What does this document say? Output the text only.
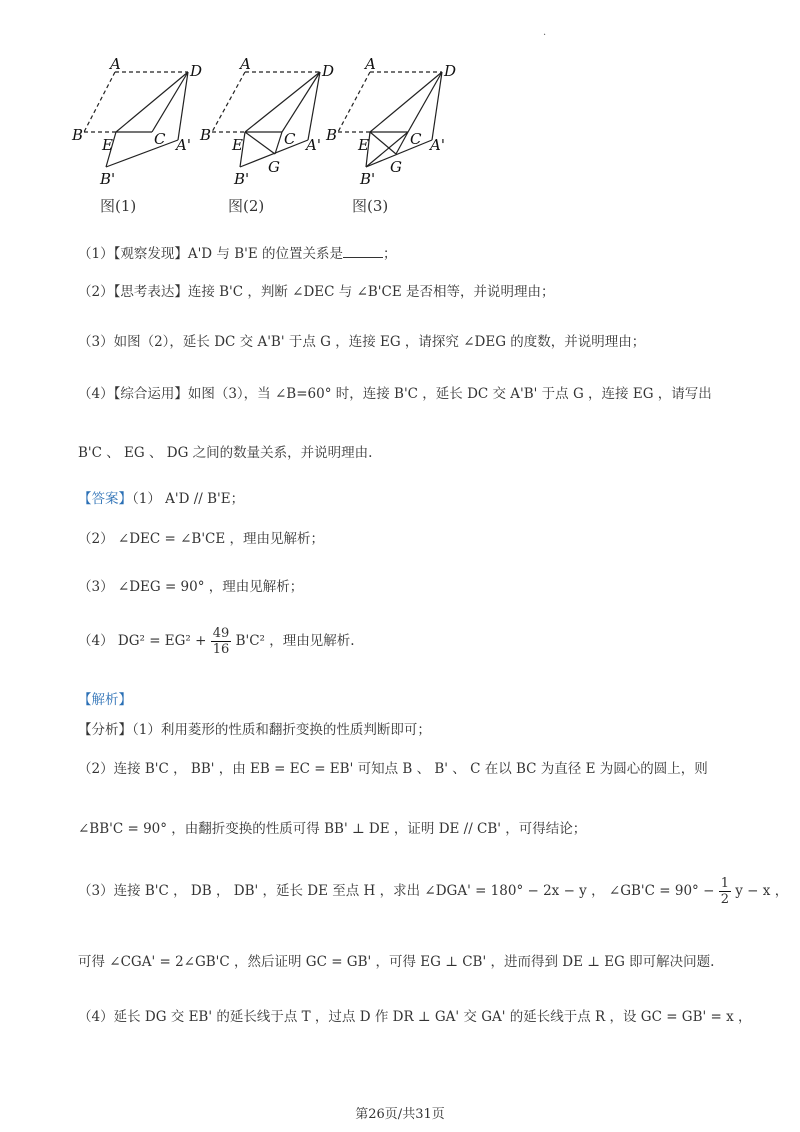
·
A	D
B
E	C A'
B'
A	D
B
E	C A'
G
B'
A	D
B
E	C A'
G
B'
图(1)	图(2)	图(3)
（1）【观察发现】A'D 与 B'E 的位置关系是	；
（2）【思考表达】连接 B'C ，判断 ∠DEC 与 ∠B'CE 是否相等，并说明理由；
（3）如图（2），延长 DC 交 A'B' 于点 G ，连接 EG ，请探究 ∠DEG 的度数，并说明理由；
（4）【综合运用】如图（3），当 ∠B=60° 时，连接 B'C ，延长 DC 交 A'B' 于点 G ，连接 EG ，请写出
B'C 、 EG 、 DG 之间的数量关系，并说明理由.
【答案】（1） A'D // B'E；
（2） ∠DEC = ∠B'CE ，理由见解析；
（3） ∠DEG = 90° ，理由见解析；
（4） $DG^2 = EG^2 + \frac{49}{16} B'C^2$ ，理由见解析.
【解析】
【分析】（1）利用菱形的性质和翻折变换的性质判断即可；
（2）连接 B'C ， BB' ，由 EB = EC = EB' 可知点 B 、 B' 、 C 在以 BC 为直径 E 为圆心的圆上，则
∠BB'C = 90° ，由翻折变换的性质可得 BB' ⊥ DE ，证明 DE // CB' ，可得结论；
（3）连接 B'C ， DB ， DB' ，延长 DE 至点 H ，求出 ∠DGA' = 180° − 2x − y ， ∠GB'C = $90^\circ - \frac{1}{2}$ y − x ，
可得 ∠CGA' = 2∠GB'C ，然后证明 GC = GB' ，可得 EG ⊥ CB' ，进而得到 DE ⊥ EG 即可解决问题.
（4）延长 DG 交 EB' 的延长线于点 T ，过点 D 作 DR ⊥ GA' 交 GA' 的延长线于点 R ，设 GC = GB' = x ，
第26页/共31页
